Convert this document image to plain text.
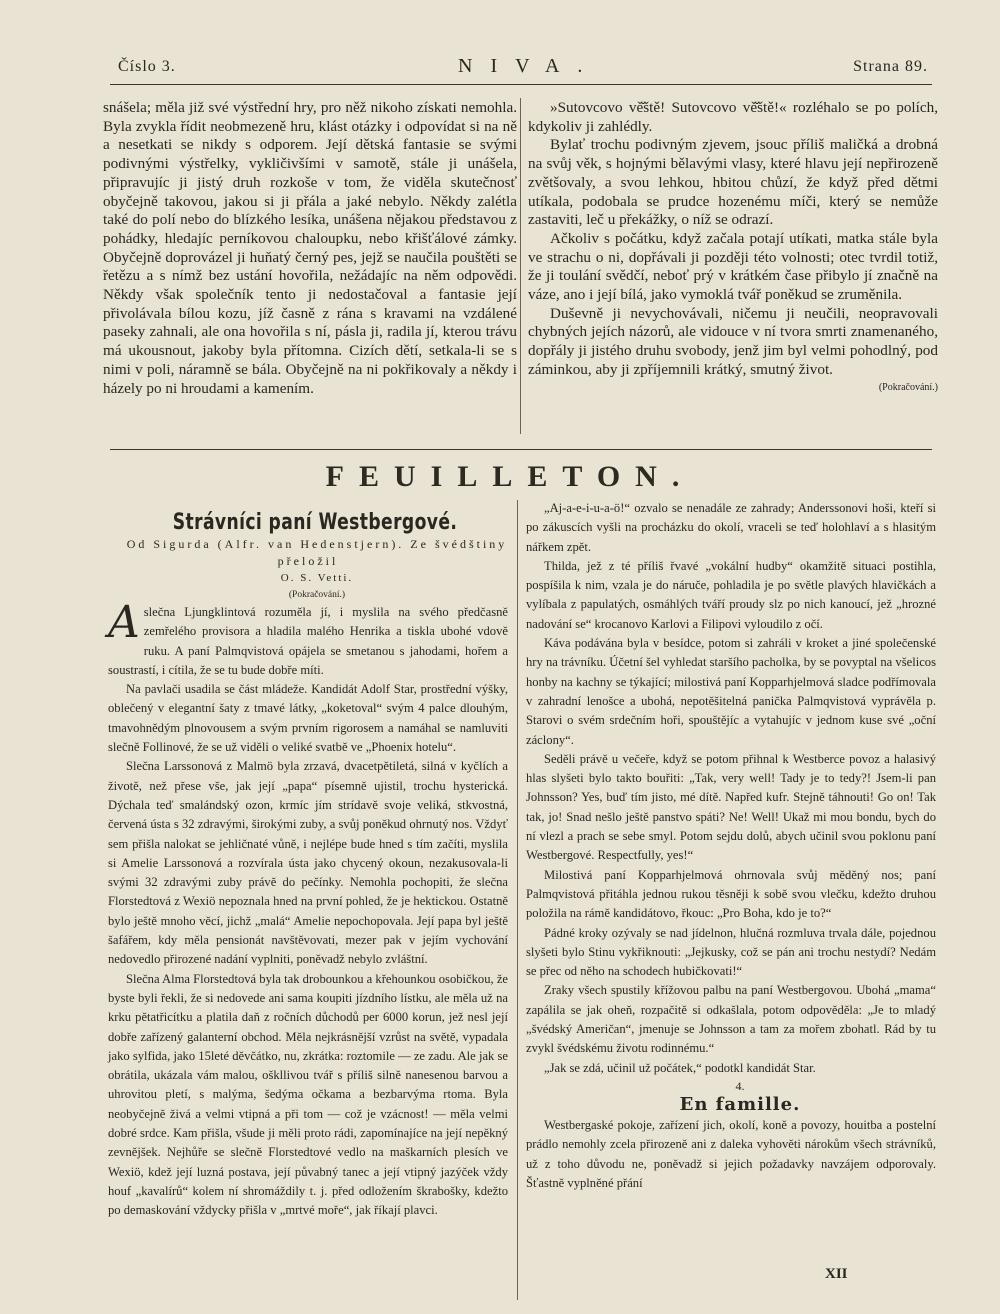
Číslo 3.	NIVA.	Strana 89.

snášela; měla již své výstřední hry, pro něž nikoho získati nemohla. Byla zvykla řídit neobmezeně hru, klást otázky i odpovídat si na ně a nesetkati se nikdy s odporem. Její dětská fantasie se svými podivnými výstřelky, vykličivšími v samotě, stále ji unášela, připravujíc ji jistý druh rozkoše v tom, že viděla skutečnosť obyčejně takovou, jakou si ji přála a jaké nebylo. Někdy zalétla také do polí nebo do blízkého lesíka, unášena nějakou představou z pohádky, hledajíc perníkovou chaloupku, nebo křišťálové zámky. Obyčejně doprovázel ji huňatý černý pes, jejž se naučila pouštěti se řetězu a s nímž bez ustání hovořila, nežádajíc na něm odpovědi. Někdy však společník tento ji nedostačoval a fantasie její přivolávala bílou kozu, jíž časně z rána s kravami na vzdálené paseky zahnali, ale ona hovořila s ní, pásla ji, radila jí, kterou trávu má ukousnout, jakoby byla přítomna. Cizích dětí, setkala-li se s nimi v poli, náramně se bála. Obyčejně na ni pokřikovaly a někdy i házely po ni hroudami a kamením.

»Sutovcovo vě̌ště! Sutovcovo vě̌ště!« rozléhalo se po polích, kdykoliv ji zahlédly.

Bylať trochu podivným zjevem, jsouc příliš maličká a drobná na svůj věk, s hojnými bělavými vlasy, které hlavu její nepřirozeně zvětšovaly, a svou lehkou, hbitou chůzí, že když před dětmi utíkala, podobala se prudce hozenému míči, který se nemůže zastaviti, leč u překážky, o níž se odrazí.

Ačkoliv s počátku, když začala potají utíkati, matka stále byla ve strachu o ni, dopřávali ji později této volnosti; otec tvrdil totiž, že ji toulání svědčí, neboť prý v krátkém čase přibylo jí značně na váze, ano i její bílá, jako vymoklá tvář poněkud se zruměnila.

Duševně ji nevychovávali, ničemu ji neučili, neopravovali chybných jejích názorů, ale vidouce v ní tvora smrti znamenaného, dopřály ji jistého druhu svobody, jenž jim byl velmi pohodlný, pod záminkou, aby ji zpříjemnili krátký, smutný život.

(Pokračování.)

FEUILLETON.

Strávníci paní Westbergové.

Od Sigurda (Alfr. van Hedenstjern). Ze švédštiny přeložil

O. S. Vetti.

(Pokračování.)

Aslečna Ljungklintová rozuměla jí, i myslila na svého předčasně zemřelého provisora a hladila malého Henrika a tiskla ubohé vdově ruku. A paní Palmqvistová opájela se smetanou s jahodami, hořem a soustrastí, i cítila, že se tu bude dobře míti.

Na pavlači usadila se část mládeže. Kandidát Adolf Star, prostřední výšky, oblečený v elegantní šaty z tmavé látky, „koketoval“ svým 4 palce dlouhým, tmavohnědým plnovousem a svým prvním rigorosem a namáhal se namluviti slečně Follinové, že se už viděli o veliké svatbě ve „Phoenix hotelu“.

Slečna Larssonová z Malmö byla zrzavá, dvacetpětiletá, silná v kyčlích a životě, než přese vše, jak její „papa“ písemně ujistil, trochu hysterická. Dýchala teď smalándský ozon, krmíc jím strídavě svoje veliká, stkvostná, červená ústa s 32 zdravými, širokými zuby, a svůj poněkud ohrnutý nos. Vždyť sem přišla nalokat se jehličnaté vůně, i nejlépe bude hned s tím začíti, myslila si Amelie Larssonová a rozvírala ústa jako chycený okoun, nezakusovala-li svými 32 zdravými zuby právě do pečínky. Nemohla pochopiti, že slečna Florstedtová z Wexiö nepoznala hned na první pohled, že je hektickou. Ostatně bylo ještě mnoho věcí, jichž „malá“ Amelie nepochopovala. Její papa byl ještě šafářem, kdy měla pensionát navštěvovati, mezer pak v jejím vychování nedovedlo přirozené nadání vyplniti, poněvadž nebylo zvláštní.

Slečna Alma Florstedtová byla tak drobounkou a křehounkou osobičkou, že byste byli řekli, že si nedovede ani sama koupiti jízdního lístku, ale měla už na krku pětatřicítku a platila daň z ročních důchodů per 6000 korun, jež nesl její dobře zařízený galanterní obchod. Měla nejkrásnější vzrůst na světě, vypadala jako sylfida, jako 15leté děvčátko, nu, zkrátka: roztomile — ze zadu. Ale jak se obrátila, ukázala vám malou, oškllivou tvář s příliš silně nanesenou barvou a uhrovitou pletí, s malýma, šedýma očkama a bezbarvýma rtoma. Byla neobyčejně živá a velmi vtipná a při tom — což je vzácnost! — měla velmi dobré srdce. Kam přišla, všude ji měli proto rádi, zapomínajíce na její nepěkný zevnějšek. Nejhůře se slečně Florstedtové vedlo na maškarních plesích ve Wexiö, kdež její luzná postava, její půvabný tanec a její vtipný jazýček vždy houf „kavalírů“ kolem ní shromáždily t. j. před odložením škrabošky, kdežto po demaskování vždycky přišla v „mrtvé moře“, jak říkají plavci.

„Aj-a-e-i-u-a-ö!“ ozvalo se nenadále ze zahrady; Anderssonovi hoši, kteří si po zákuscích vyšli na procházku do okolí, vraceli se teď holohlaví a s hlasitým nářkem zpět.

Thilda, jež z té příliš řvavé „vokální hudby“ okamžitě situaci postihla, pospíšila k nim, vzala je do náruče, pohladila je po světle plavých hlavičkách a vylíbala z papulatých, osmáhlých tváří proudy slz po nich kanoucí, jež „hrozné nadování se“ krocanovo Karlovi a Filipovi vyloudilo z očí.

Káva podávána byla v besídce, potom si zahráli v kroket a jiné společenské hry na trávníku. Účetní šel vyhledat staršího pacholka, by se povyptal na všelicos honby na kachny se týkající; milostivá paní Kopparhjelmová sladce podřímovala v zahradní lenošce a ubohá, nepotěšitelná panička Palmqvistová vyprávěla p. Starovi o svém srdečním hoři, spouštějíc a vytahujíc v jednom kuse své „oční záclony“.

Seděli právě u večeře, když se potom přihnal k Westberce povoz a halasivý hlas slyšeti bylo takto bouřiti: „Tak, very well! Tady je to tedy?! Jsem-li pan Johnsson? Yes, buď tím jisto, mé dítě. Napřed kufr. Stejně táhnouti! Go on! Tak tak, jo! Snad nešlo ještě panstvo spáti? Ne! Well! Ukaž mi mou bondu, bych do ní vlezl a prach se sebe smyl. Potom sejdu dolů, abych učinil svou poklonu paní Westbergové. Respectfully, yes!“

Milostivá paní Kopparhjelmová ohrnovala svůj měděný nos; paní Palmqvistová přitáhla jednou rukou těsněji k sobě svou vlečku, kdežto druhou položila na rámě kandidátovo, řkouc: „Pro Boha, kdo je to?“

Pádné kroky ozývaly se nad jídelnon, hlučná rozmluva trvala dále, pojednou slyšeti bylo Stinu vykřiknouti: „Jejkusky, což se pán ani trochu nestydí? Nedám se přec od něho na schodech hubičkovati!“

Zraky všech spustily křížovou palbu na paní Westbergovou. Ubohá „mama“ zapálila se jak oheň, rozpačitě si odkašlala, potom odpověděla: „Je to mladý „švédský Američan“, jmenuje se Johnsson a tam za mořem zbohatl. Rád by tu zvykl švédskému životu rodinnému.“

„Jak se zdá, učinil už počátek,“ podotkl kandidát Star.

4.

En famille.

Westbergaské pokoje, zařízení jich, okolí, koně a povozy, houitba a postelní prádlo nemohly zcela přirozeně ani z daleka vyhověti nárokům všech strávníků, už z toho důvodu ne, poněvadž si jejich požadavky navzájem odporovaly. Šťastně vyplněné přání

XII
